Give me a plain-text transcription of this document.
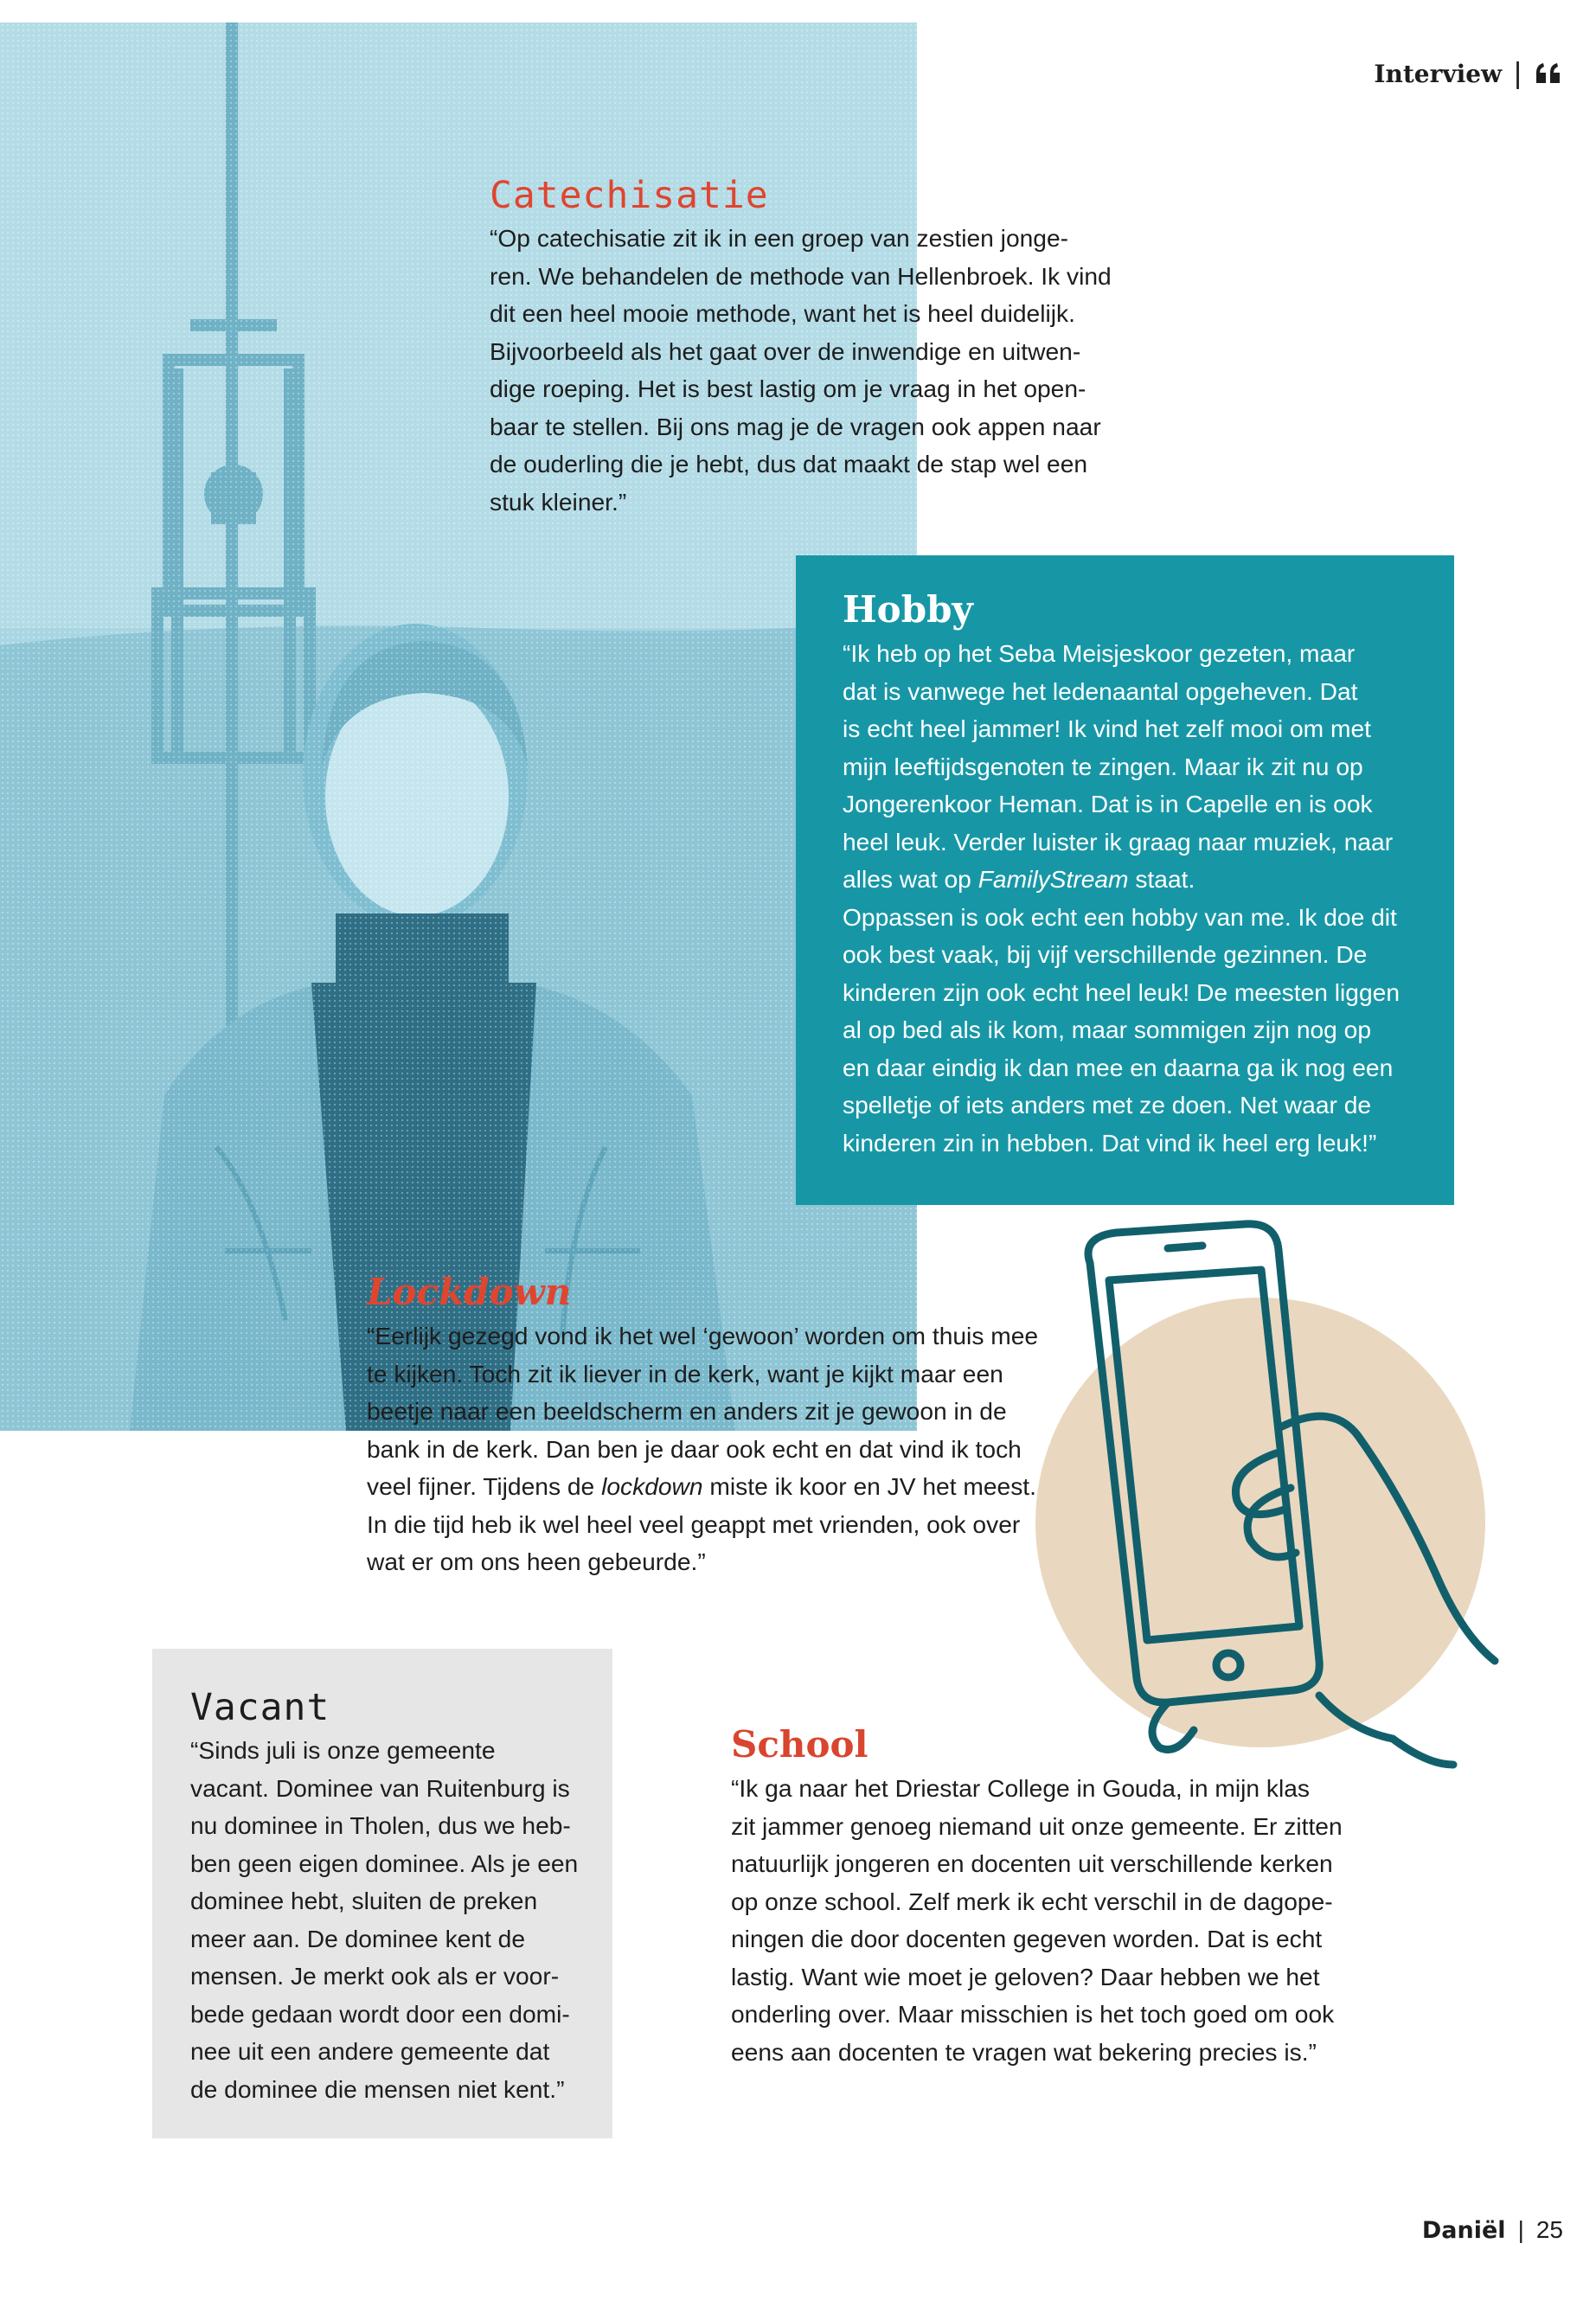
Interview |
Catechisatie

“Op catechisatie zit ik in een groep van zestien jonge-
ren. We behandelen de methode van Hellenbroek. Ik vind
dit een heel mooie methode, want het is heel duidelijk.
Bijvoorbeeld als het gaat over de inwendige en uitwen-
dige roeping. Het is best lastig om je vraag in het open-
baar te stellen. Bij ons mag je de vragen ook appen naar
de ouderling die je hebt, dus dat maakt de stap wel een
stuk kleiner.”

Hobby

“Ik heb op het Seba Meisjeskoor gezeten, maar
dat is vanwege het ledenaantal opgeheven. Dat
is echt heel jammer! Ik vind het zelf mooi om met
mijn leeftijdsgenoten te zingen. Maar ik zit nu op
Jongerenkoor Heman. Dat is in Capelle en is ook
heel leuk. Verder luister ik graag naar muziek, naar
alles wat op FamilyStream staat.
Oppassen is ook echt een hobby van me. Ik doe dit
ook best vaak, bij vijf verschillende gezinnen. De
kinderen zijn ook echt heel leuk! De meesten liggen
al op bed als ik kom, maar sommigen zijn nog op
en daar eindig ik dan mee en daarna ga ik nog een
spelletje of iets anders met ze doen. Net waar de
kinderen zin in hebben. Dat vind ik heel erg leuk!”

Lockdown

“Eerlijk gezegd vond ik het wel ‘gewoon’ worden om thuis mee
te kijken. Toch zit ik liever in de kerk, want je kijkt maar een
beetje naar een beeldscherm en anders zit je gewoon in de
bank in de kerk. Dan ben je daar ook echt en dat vind ik toch
veel fijner. Tijdens de lockdown miste ik koor en JV het meest.
In die tijd heb ik wel heel veel geappt met vrienden, ook over
wat er om ons heen gebeurde.”

Vacant

“Sinds juli is onze gemeente
vacant. Dominee van Ruitenburg is
nu dominee in Tholen, dus we heb-
ben geen eigen dominee. Als je een
dominee hebt, sluiten de preken
meer aan. De dominee kent de
mensen. Je merkt ook als er voor-
bede gedaan wordt door een domi-
nee uit een andere gemeente dat
de dominee die mensen niet kent.”

School

“Ik ga naar het Driestar College in Gouda, in mijn klas
zit jammer genoeg niemand uit onze gemeente. Er zitten
natuurlijk jongeren en docenten uit verschillende kerken
op onze school. Zelf merk ik echt verschil in de dagope-
ningen die door docenten gegeven worden. Dat is echt
lastig. Want wie moet je geloven? Daar hebben we het
onderling over. Maar misschien is het toch goed om ook
eens aan docenten te vragen wat bekering precies is.”

Daniël | 25
